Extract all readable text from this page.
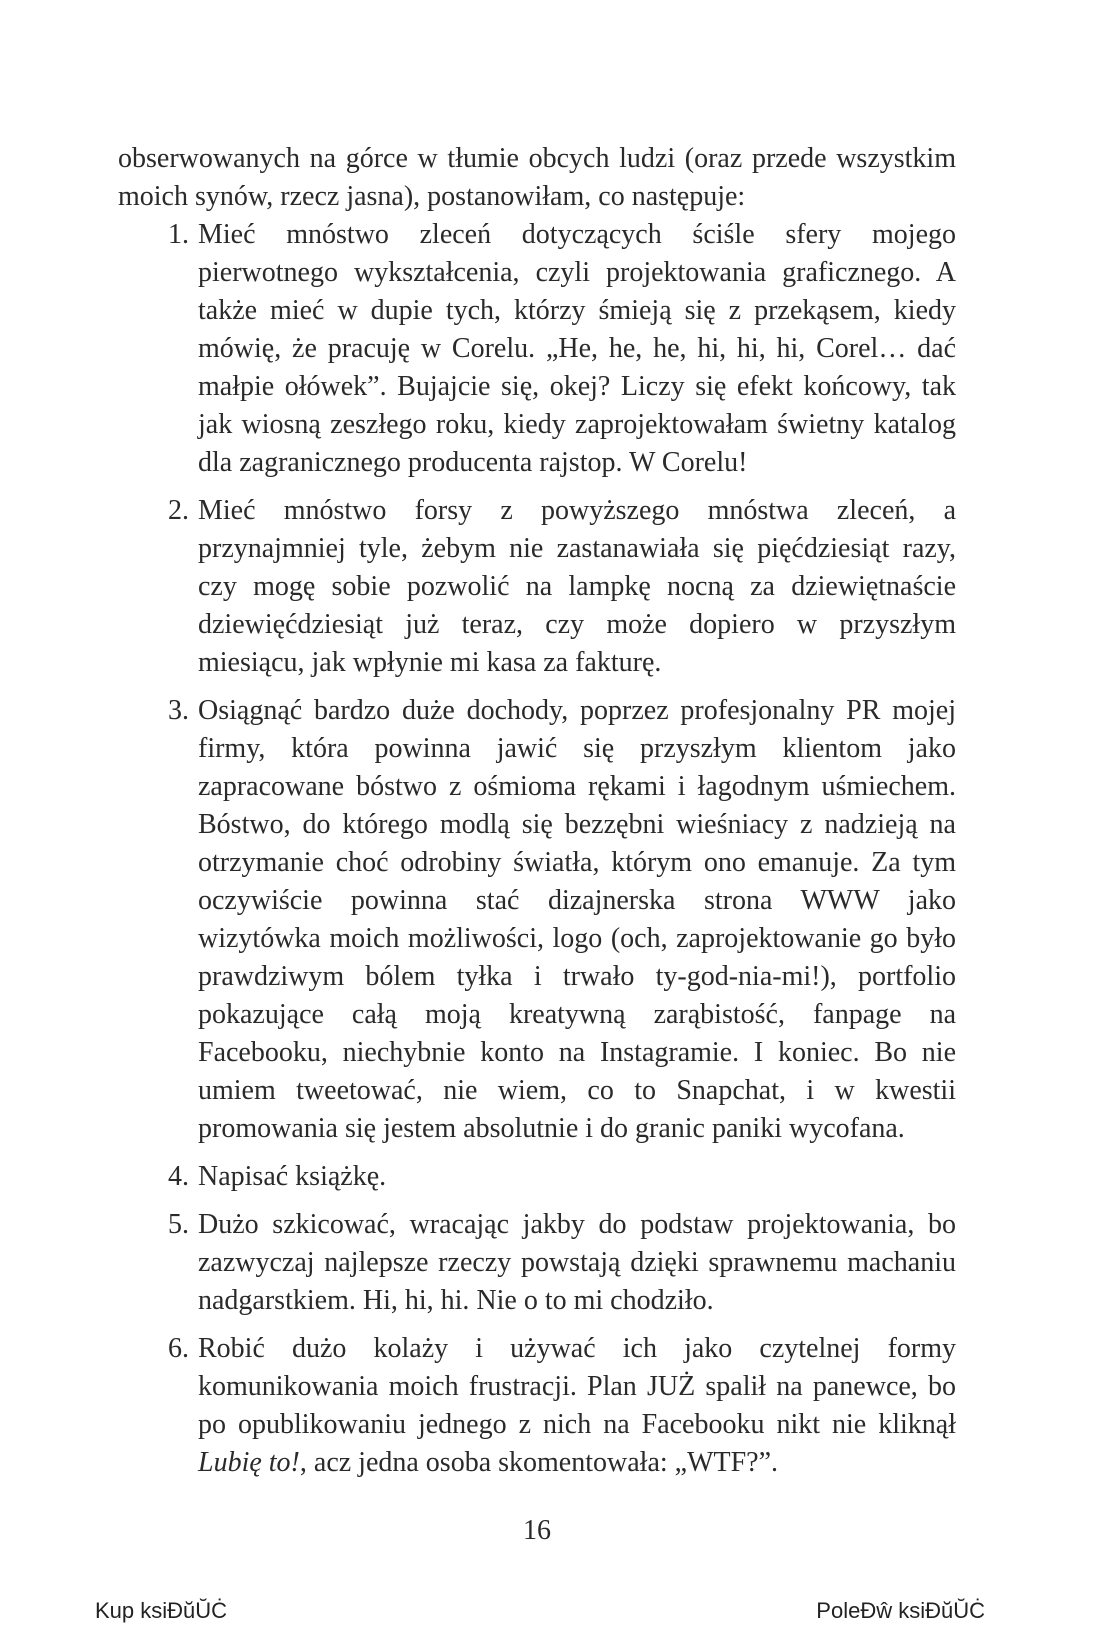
obserwowanych na górce w tłumie obcych ludzi (oraz przede wszystkim moich synów, rzecz jasna), postanowiłam, co następuje:

1. Mieć mnóstwo zleceń dotyczących ściśle sfery mojego pierwotnego wykształcenia, czyli projektowania graficznego. A także mieć w dupie tych, którzy śmieją się z przekąsem, kiedy mówię, że pracuję w Corelu. „He, he, he, hi, hi, hi, Corel… dać małpie ołówek”. Bujajcie się, okej? Liczy się efekt końcowy, tak jak wiosną zeszłego roku, kiedy zaprojektowałam świetny katalog dla zagranicznego producenta rajstop. W Corelu!
2. Mieć mnóstwo forsy z powyższego mnóstwa zleceń, a przynajmniej tyle, żebym nie zastanawiała się pięćdziesiąt razy, czy mogę sobie pozwolić na lampkę nocną za dziewiętnaście dziewięćdziesiąt już teraz, czy może dopiero w przyszłym miesiącu, jak wpłynie mi kasa za fakturę.
3. Osiągnąć bardzo duże dochody, poprzez profesjonalny PR mojej firmy, która powinna jawić się przyszłym klientom jako zapracowane bóstwo z ośmioma rękami i łagodnym uśmiechem. Bóstwo, do którego modlą się bezzębni wieśniacy z nadzieją na otrzymanie choć odrobiny światła, którym ono emanuje. Za tym oczywiście powinna stać dizajnerska strona WWW jako wizytówka moich możliwości, logo (och, zaprojektowanie go było prawdziwym bólem tyłka i trwało ty-god-nia-mi!), portfolio pokazujące całą moją kreatywną zarąbistość, fanpage na Facebooku, niechybnie konto na Instagramie. I koniec. Bo nie umiem tweetować, nie wiem, co to Snapchat, i w kwestii promowania się jestem absolutnie i do granic paniki wycofana.
4. Napisać książkę.
5. Dużo szkicować, wracając jakby do podstaw projektowania, bo zazwyczaj najlepsze rzeczy powstają dzięki sprawnemu machaniu nadgarstkiem. Hi, hi, hi. Nie o to mi chodziło.
6. Robić dużo kolaży i używać ich jako czytelnej formy komunikowania moich frustracji. Plan JUŻ spalił na panewce, bo po opublikowaniu jednego z nich na Facebooku nikt nie kliknął Lubię to!, acz jedna osoba skomentowała: „WTF?”.
16
Kup ksiĐŭŬĊ	PoleĐŵ ksiĐŭŬĊ
